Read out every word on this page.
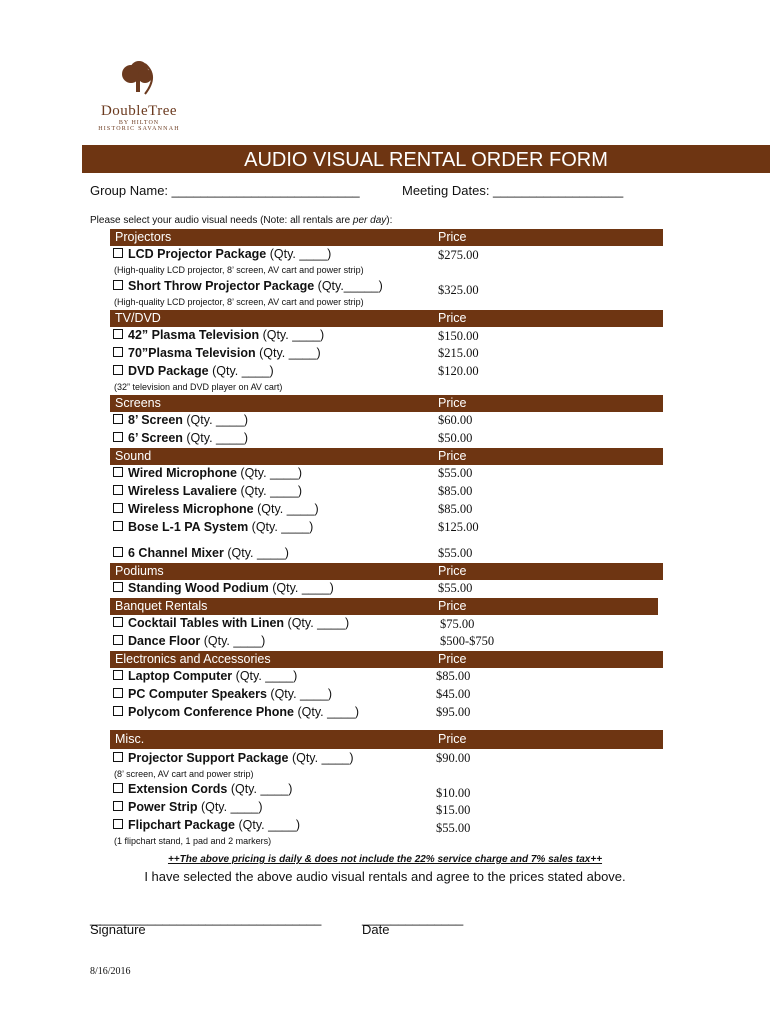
DoubleTree
BY HILTON
HISTORIC SAVANNAH
AUDIO VISUAL RENTAL ORDER FORM
Group Name: __________________________	Meeting Dates: __________________
Please select your audio visual needs (Note: all rentals are per day):
Projectors	Price
LCD Projector Package (Qty. ____)	$275.00
(High-quality LCD projector, 8’ screen, AV cart and power strip)
Short Throw Projector Package (Qty._____)	$325.00
(High-quality LCD projector, 8’ screen, AV cart and power strip)
TV/DVD	Price
42” Plasma Television (Qty. ____)	$150.00
70”Plasma Television (Qty. ____)	$215.00
DVD Package (Qty. ____)	$120.00
(32” television and DVD player on AV cart)
Screens	Price
8’ Screen (Qty. ____)	$60.00
6’ Screen (Qty. ____)	$50.00
Sound	Price
Wired Microphone (Qty. ____)	$55.00
Wireless Lavaliere (Qty. ____)	$85.00
Wireless Microphone (Qty. ____)	$85.00
Bose L-1 PA System (Qty. ____)	$125.00
6 Channel Mixer (Qty. ____)	$55.00
Podiums	Price
Standing Wood Podium (Qty. ____)	$55.00
Banquet Rentals	Price
Cocktail Tables with Linen (Qty. ____)	$75.00
Dance Floor (Qty. ____)	$500-$750
Electronics and Accessories	Price
Laptop Computer (Qty. ____)	$85.00
PC Computer Speakers (Qty. ____)	$45.00
Polycom Conference Phone (Qty. ____)	$95.00
Misc.	Price
Projector Support Package (Qty. ____)	$90.00
(8’ screen, AV cart and power strip)
Extension Cords (Qty. ____)	$10.00
Power Strip (Qty. ____)	$15.00
Flipchart Package (Qty. ____)	$55.00
(1 flipchart stand, 1 pad and 2 markers)
++The above pricing is daily & does not include the 22% service charge and 7% sales tax++
I have selected the above audio visual rentals and agree to the prices stated above.
________________________________
Signature
______________
Date
8/16/2016
